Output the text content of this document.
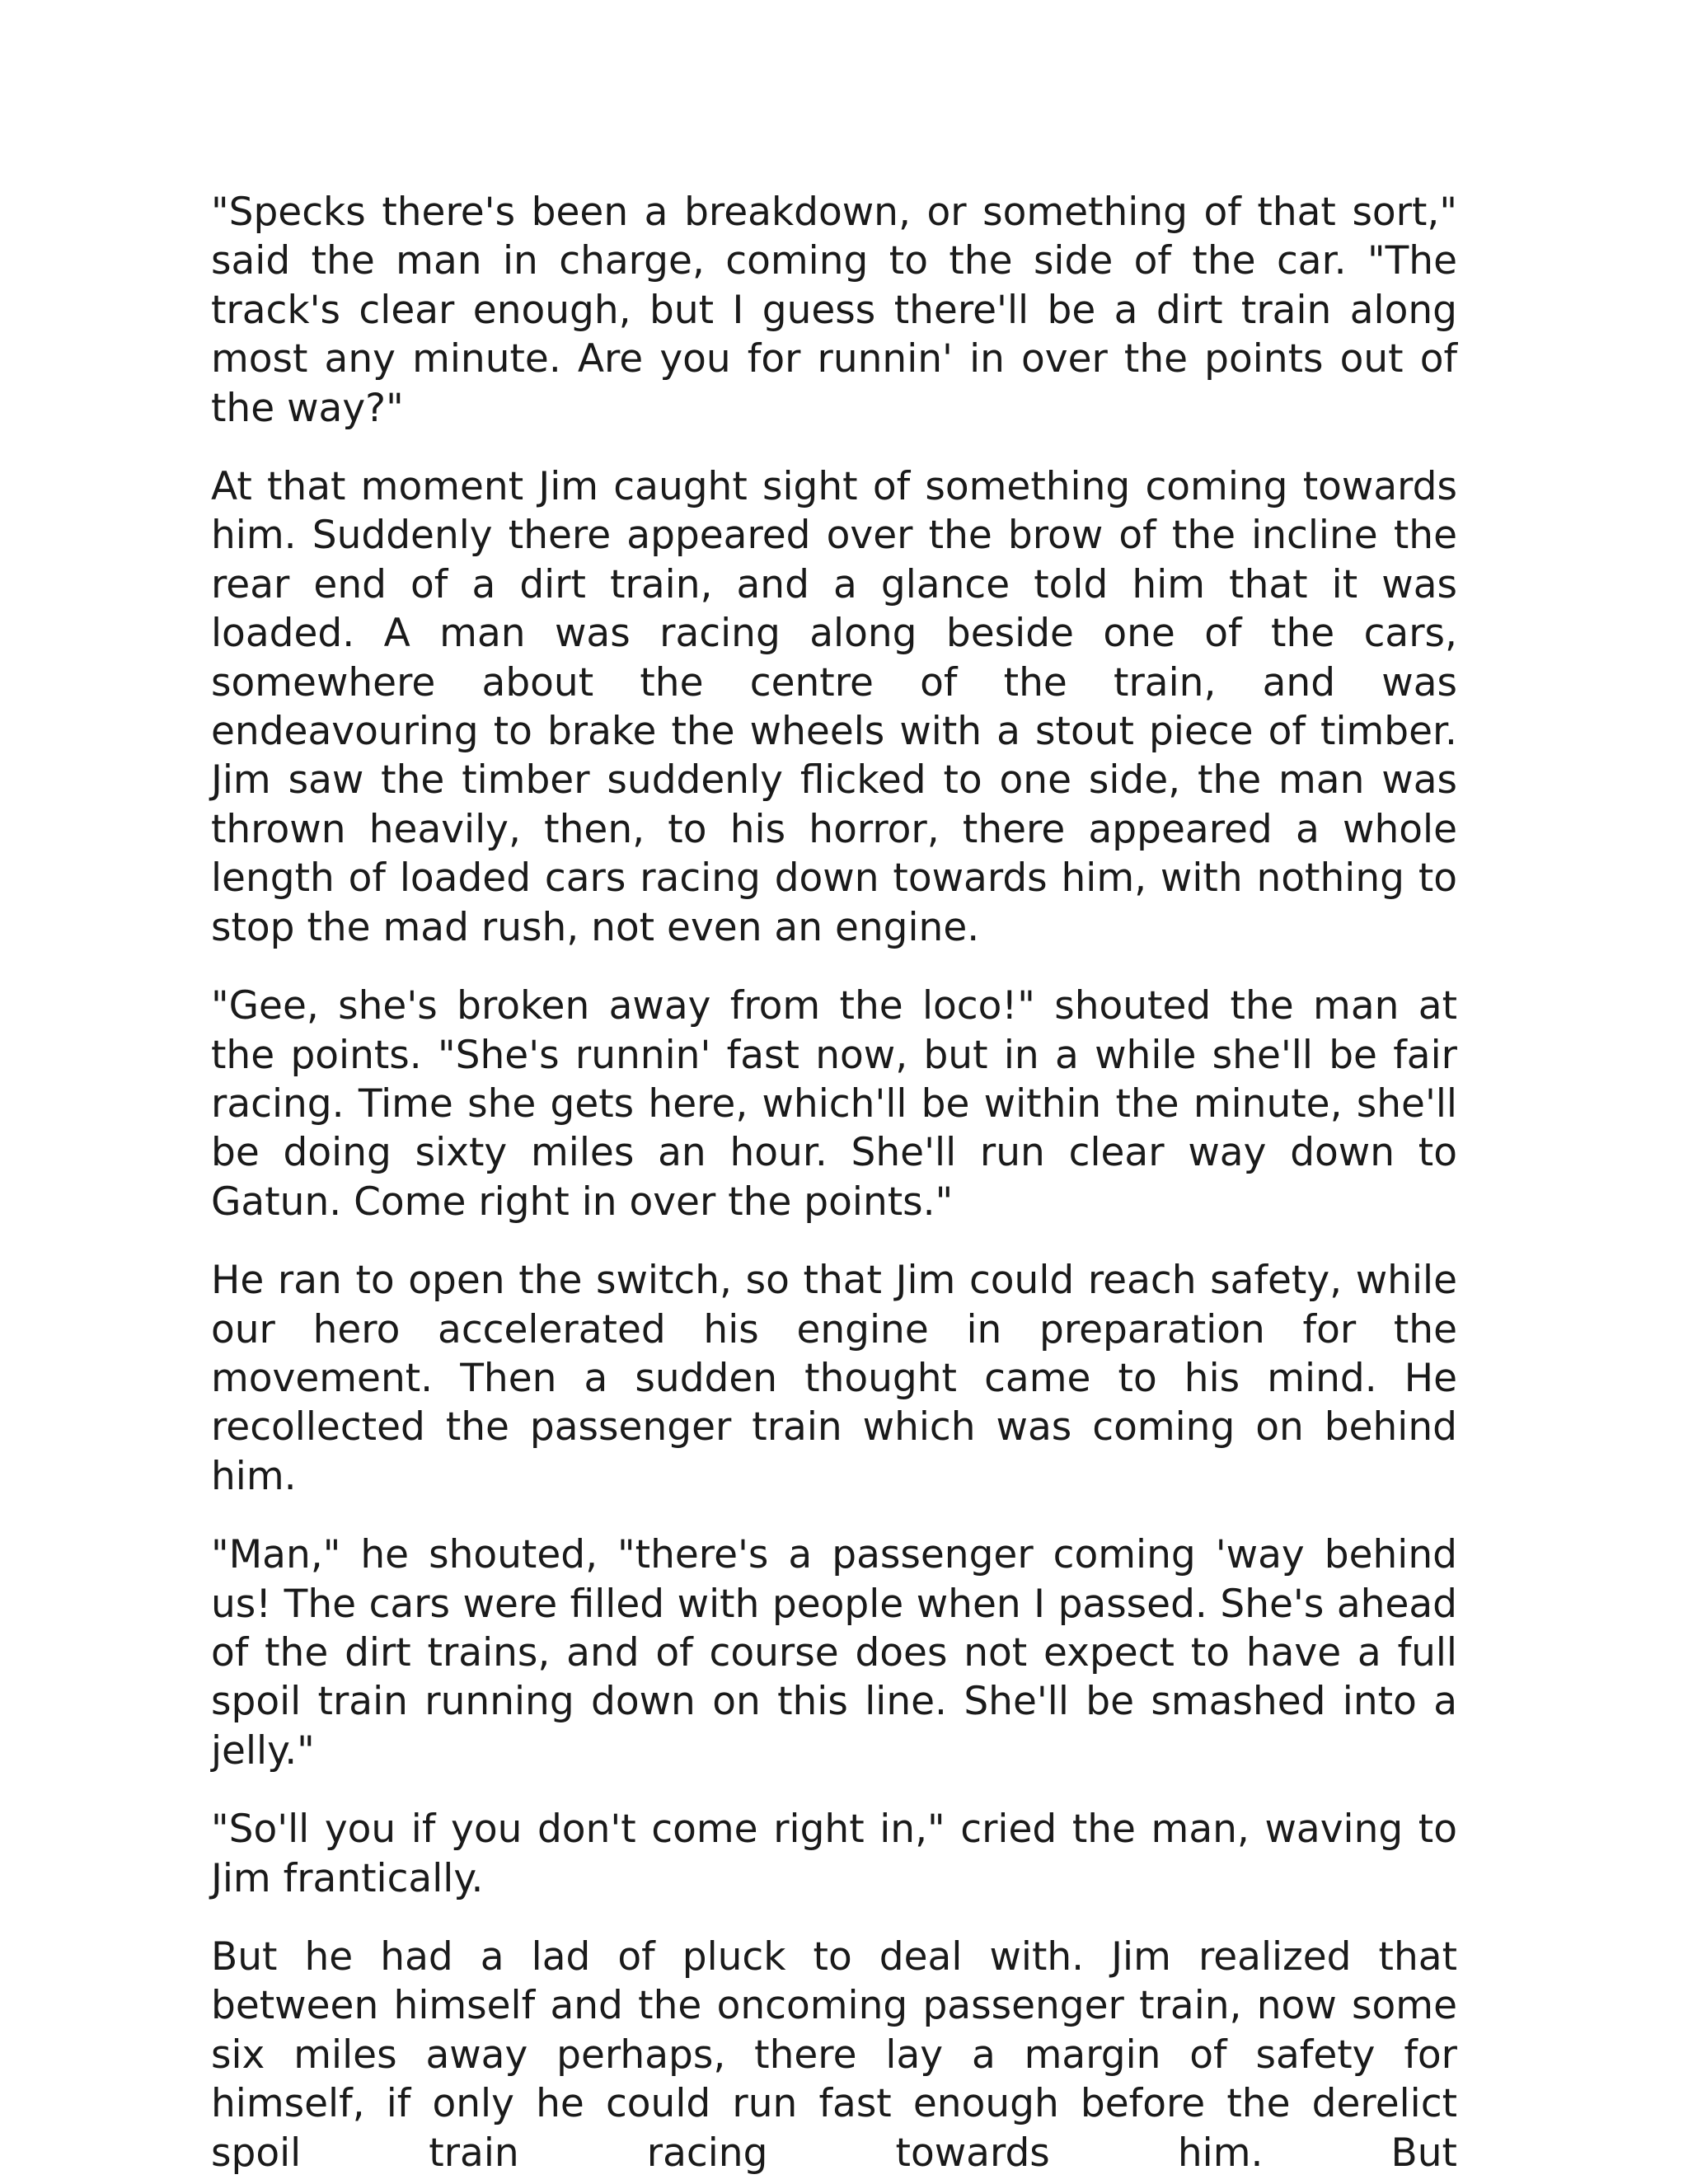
"Specks there's been a breakdown, or something of that sort," said the man in charge, coming to the side of the car. "The track's clear enough, but I guess there'll be a dirt train along most any minute. Are you for runnin' in over the points out of the way?"

At that moment Jim caught sight of something coming towards him. Suddenly there appeared over the brow of the incline the rear end of a dirt train, and a glance told him that it was loaded. A man was racing along beside one of the cars, somewhere about the centre of the train, and was endeavouring to brake the wheels with a stout piece of timber. Jim saw the timber suddenly flicked to one side, the man was thrown heavily, then, to his horror, there appeared a whole length of loaded cars racing down towards him, with nothing to stop the mad rush, not even an engine.

"Gee, she's broken away from the loco!" shouted the man at the points. "She's runnin' fast now, but in a while she'll be fair racing. Time she gets here, which'll be within the minute, she'll be doing sixty miles an hour. She'll run clear way down to Gatun. Come right in over the points."

He ran to open the switch, so that Jim could reach safety, while our hero accelerated his engine in preparation for the movement. Then a sudden thought came to his mind. He recollected the passenger train which was coming on behind him.

"Man," he shouted, "there's a passenger coming 'way behind us! The cars were filled with people when I passed. She's ahead of the dirt trains, and of course does not expect to have a full spoil train running down on this line. She'll be smashed into a jelly."

"So'll you if you don't come right in," cried the man, waving to Jim frantically.

But he had a lad of pluck to deal with. Jim realized that between himself and the oncoming passenger train, now some six miles away perhaps, there lay a margin of safety for himself, if only he could run fast enough before the derelict spoil train racing towards him. But
